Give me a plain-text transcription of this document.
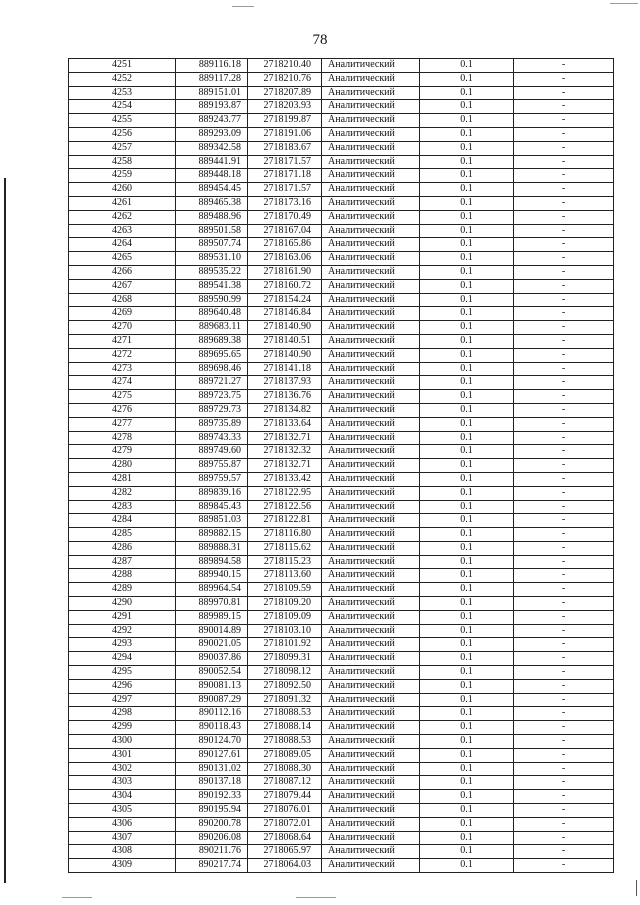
78
4251	889116.18	2718210.40	Аналитический	0.1	-
4252	889117.28	2718210.76	Аналитический	0.1	-
4253	889151.01	2718207.89	Аналитический	0.1	-
4254	889193.87	2718203.93	Аналитический	0.1	-
4255	889243.77	2718199.87	Аналитический	0.1	-
4256	889293.09	2718191.06	Аналитический	0.1	-
4257	889342.58	2718183.67	Аналитический	0.1	-
4258	889441.91	2718171.57	Аналитический	0.1	-
4259	889448.18	2718171.18	Аналитический	0.1	-
4260	889454.45	2718171.57	Аналитический	0.1	-
4261	889465.38	2718173.16	Аналитический	0.1	-
4262	889488.96	2718170.49	Аналитический	0.1	-
4263	889501.58	2718167.04	Аналитический	0.1	-
4264	889507.74	2718165.86	Аналитический	0.1	-
4265	889531.10	2718163.06	Аналитический	0.1	-
4266	889535.22	2718161.90	Аналитический	0.1	-
4267	889541.38	2718160.72	Аналитический	0.1	-
4268	889590.99	2718154.24	Аналитический	0.1	-
4269	889640.48	2718146.84	Аналитический	0.1	-
4270	889683.11	2718140.90	Аналитический	0.1	-
4271	889689.38	2718140.51	Аналитический	0.1	-
4272	889695.65	2718140.90	Аналитический	0.1	-
4273	889698.46	2718141.18	Аналитический	0.1	-
4274	889721.27	2718137.93	Аналитический	0.1	-
4275	889723.75	2718136.76	Аналитический	0.1	-
4276	889729.73	2718134.82	Аналитический	0.1	-
4277	889735.89	2718133.64	Аналитический	0.1	-
4278	889743.33	2718132.71	Аналитический	0.1	-
4279	889749.60	2718132.32	Аналитический	0.1	-
4280	889755.87	2718132.71	Аналитический	0.1	-
4281	889759.57	2718133.42	Аналитический	0.1	-
4282	889839.16	2718122.95	Аналитический	0.1	-
4283	889845.43	2718122.56	Аналитический	0.1	-
4284	889851.03	2718122.81	Аналитический	0.1	-
4285	889882.15	2718116.80	Аналитический	0.1	-
4286	889888.31	2718115.62	Аналитический	0.1	-
4287	889894.58	2718115.23	Аналитический	0.1	-
4288	889940.15	2718113.60	Аналитический	0.1	-
4289	889964.54	2718109.59	Аналитический	0.1	-
4290	889970.81	2718109.20	Аналитический	0.1	-
4291	889989.15	2718109.09	Аналитический	0.1	-
4292	890014.89	2718103.10	Аналитический	0.1	-
4293	890021.05	2718101.92	Аналитический	0.1	-
4294	890037.86	2718099.31	Аналитический	0.1	-
4295	890052.54	2718098.12	Аналитический	0.1	-
4296	890081.13	2718092.50	Аналитический	0.1	-
4297	890087.29	2718091.32	Аналитический	0.1	-
4298	890112.16	2718088.53	Аналитический	0.1	-
4299	890118.43	2718088.14	Аналитический	0.1	-
4300	890124.70	2718088.53	Аналитический	0.1	-
4301	890127.61	2718089.05	Аналитический	0.1	-
4302	890131.02	2718088.30	Аналитический	0.1	-
4303	890137.18	2718087.12	Аналитический	0.1	-
4304	890192.33	2718079.44	Аналитический	0.1	-
4305	890195.94	2718076.01	Аналитический	0.1	-
4306	890200.78	2718072.01	Аналитический	0.1	-
4307	890206.08	2718068.64	Аналитический	0.1	-
4308	890211.76	2718065.97	Аналитический	0.1	-
4309	890217.74	2718064.03	Аналитический	0.1	-
